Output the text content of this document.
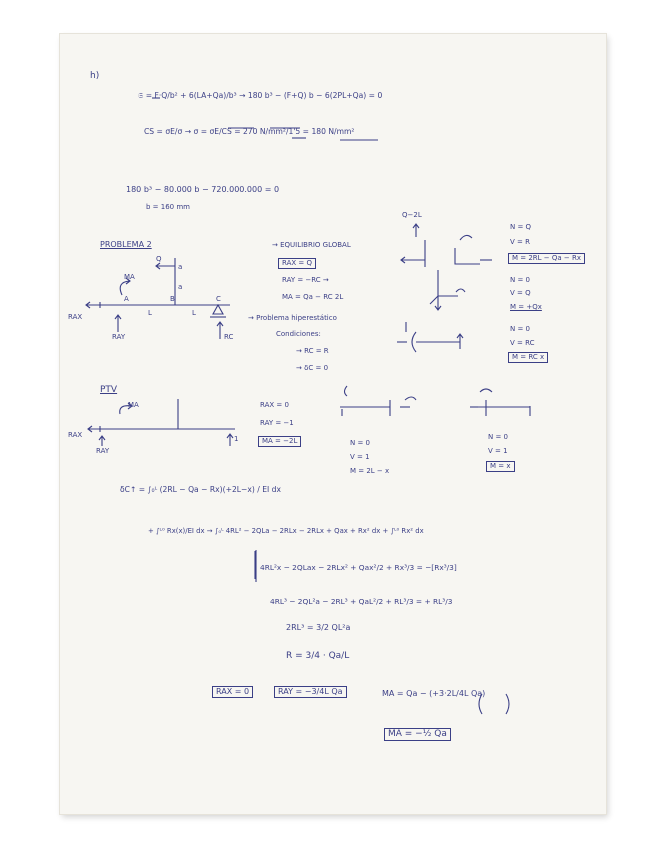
h)
𝔖 = F·Q/b² + 6(LA+Qa)/b³ → 180 b³ − (F+Q) b − 6(2PL+Qa) = 0
CS = σE/σ → σ = σE/CS = 270 N/mm²/1'5 = 180 N/mm²
180 b³ − 80.000 b − 720.000.000 = 0
b = 160 mm
PROBLEMA 2	→ EQUILIBRIO GLOBAL
RAX = Q
RAY = −RC →
MA = Qa − RC 2L
→ Problema hiperestático
Condiciones:
→ RC = R
→ δC = 0
Q
a
a
MA
A
L	L
C
B
RAX
RAY	RC
Q−2L
N = Q
V = R
M = 2RL − Qa − Rx
N = 0
V = Q
M = +Qx
N = 0
V = RC
M = RC x
PTV
MA
RAX
RAY
1
RAX = 0
RAY = −1
MA = −2L	N = 0
V = 1
M = 2L − x
N = 0
V = 1
M = x
δC↑ = ∫₀ᴸ (2RL − Qa − Rx)(+2L−x) / EI dx
+ ∫ᴸ⁰ Rx(x)/EI dx → ∫₀ᴸ 4RL² − 2QLa − 2RLx − 2RLx + Qax + Rx² dx + ∫ᴸ⁰ Rx² dx
4RL²x − 2QLax − 2RLx² + Qax²/2 + Rx³/3 = −[Rx³/3]
4RL³ − 2QL²a − 2RL³ + QaL²/2 + RL³/3 = + RL³/3
2RL³ = 3/2 QL²a
R = 3/4 · Qa/L
RAX = 0	RAY = −3/4L Qa	MA = Qa − (+3·2L/4L Qa)
MA = −½ Qa
